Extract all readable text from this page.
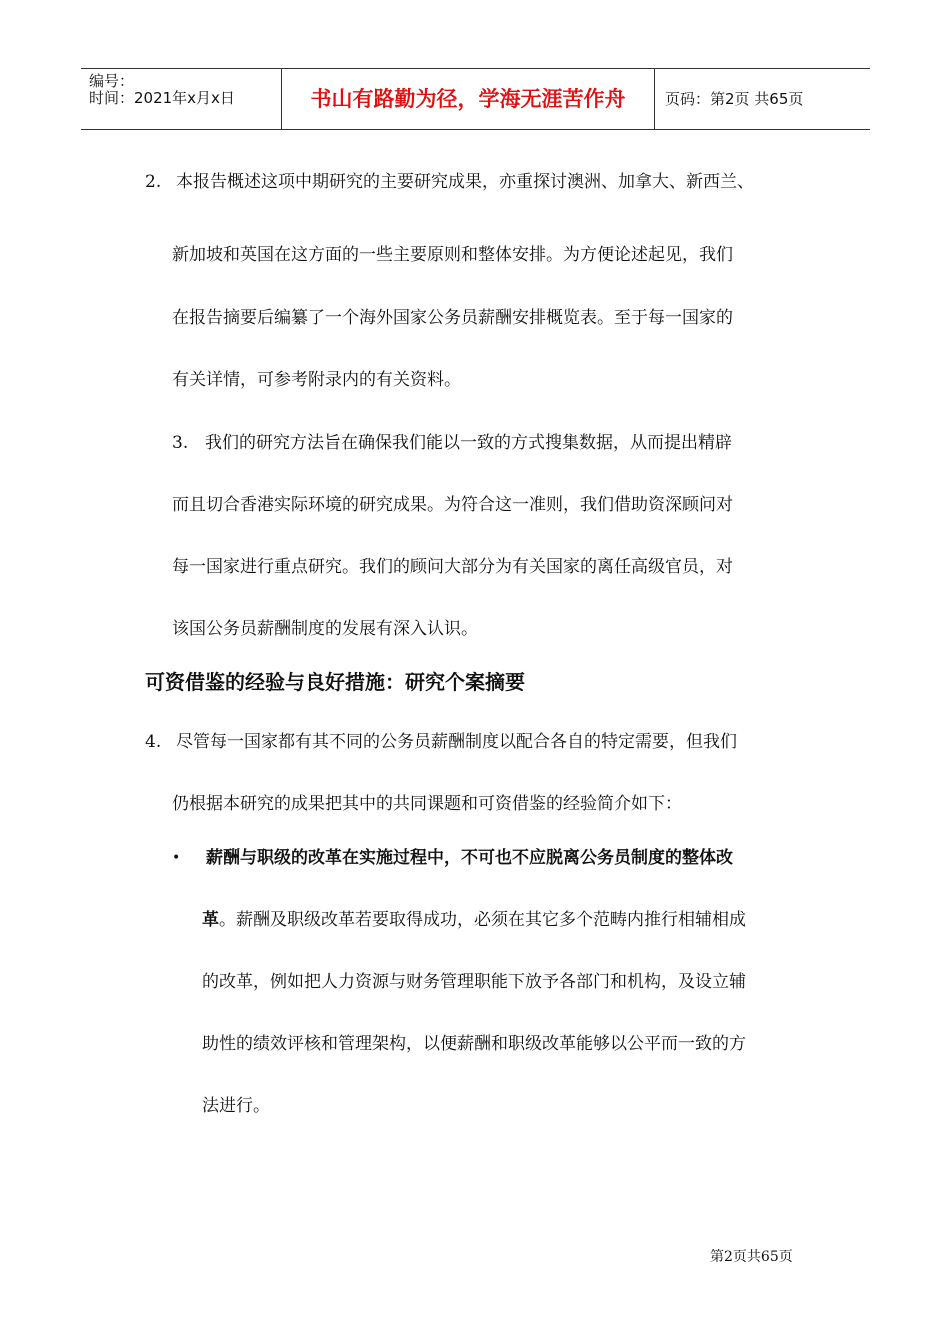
编号：
时间：2021年x月x日	书山有路勤为径，学海无涯苦作舟	页码：第2页 共65页
2. 本报告概述这项中期研究的主要研究成果，亦重探讨澳洲、加拿大、新西兰、
新加坡和英国在这方面的一些主要原则和整体安排。为方便论述起见，我们
在报告摘要后编纂了一个海外国家公务员薪酬安排概览表。至于每一国家的
有关详情，可参考附录内的有关资料。
3. 我们的研究方法旨在确保我们能以一致的方式搜集数据，从而提出精辟
而且切合香港实际环境的研究成果。为符合这一准则，我们借助资深顾问对
每一国家进行重点研究。我们的顾问大部分为有关国家的离任高级官员，对
该国公务员薪酬制度的发展有深入认识。
可资借鉴的经验与良好措施：研究个案摘要
4. 尽管每一国家都有其不同的公务员薪酬制度以配合各自的特定需要，但我们
仍根据本研究的成果把其中的共同课题和可资借鉴的经验简介如下：
• 薪酬与职级的改革在实施过程中，不可也不应脱离公务员制度的整体改
革。薪酬及职级改革若要取得成功，必须在其它多个范畴内推行相辅相成
的改革，例如把人力资源与财务管理职能下放予各部门和机构，及设立辅
助性的绩效评核和管理架构，以便薪酬和职级改革能够以公平而一致的方
法进行。
第2页共65页
